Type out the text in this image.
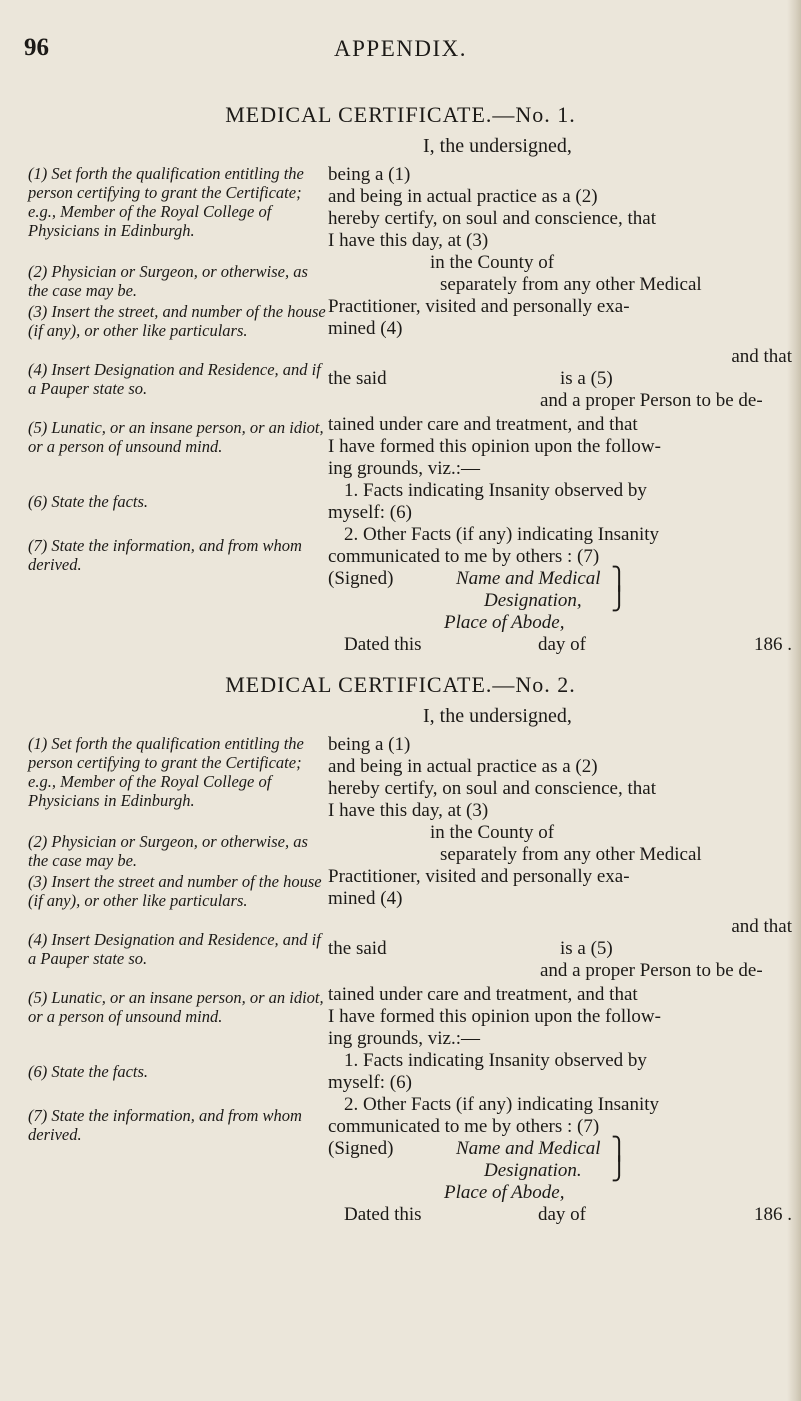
96	APPENDIX.
MEDICAL CERTIFICATE.—No. 1.
I, the undersigned,
(1) Set forth the qualification entitling the person certifying to grant the Certificate; e.g., Member of the Royal College of Physicians in Edinburgh.
(2) Physician or Surgeon, or otherwise, as the case may be.
(3) Insert the street, and number of the house (if any), or other like particulars.
(4) Insert Designation and Residence, and if a Pauper state so.
(5) Lunatic, or an insane person, or an idiot, or a person of unsound mind.
(6) State the facts.
(7) State the information, and from whom derived.
being a (1)
and being in actual practice as a (2)
hereby certify, on soul and conscience, that
I have this day, at (3)
in the County of
separately from any other Medical
Practitioner, visited and personally exa-
mined (4)
and that
the said	is a (5)
and a proper Person to be de-
tained under care and treatment, and that
I have formed this opinion upon the follow-
ing grounds, viz.:—
1. Facts indicating Insanity observed by
myself: (6)
2. Other Facts (if any) indicating Insanity
communicated to me by others : (7)
(Signed)	Name and Medical
Designation,
⎫
⎭
Place of Abode,
Dated this	day of	186 .
MEDICAL CERTIFICATE.—No. 2.
I, the undersigned,
(1) Set forth the qualification entitling the person certifying to grant the Certificate; e.g., Member of the Royal College of Physicians in Edinburgh.
(2) Physician or Surgeon, or otherwise, as the case may be.
(3) Insert the street and number of the house (if any), or other like particulars.
(4) Insert Designation and Residence, and if a Pauper state so.
(5) Lunatic, or an insane person, or an idiot, or a person of unsound mind.
(6) State the facts.
(7) State the information, and from whom derived.
being a (1)
and being in actual practice as a (2)
hereby certify, on soul and conscience, that
I have this day, at (3)
in the County of
separately from any other Medical
Practitioner, visited and personally exa-
mined (4)
and that
the said	is a (5)
and a proper Person to be de-
tained under care and treatment, and that
I have formed this opinion upon the follow-
ing grounds, viz.:—
1. Facts indicating Insanity observed by
myself: (6)
2. Other Facts (if any) indicating Insanity
communicated to me by others : (7)
(Signed)	Name and Medical
Designation.
⎫
⎭
Place of Abode,
Dated this	day of	186 .
